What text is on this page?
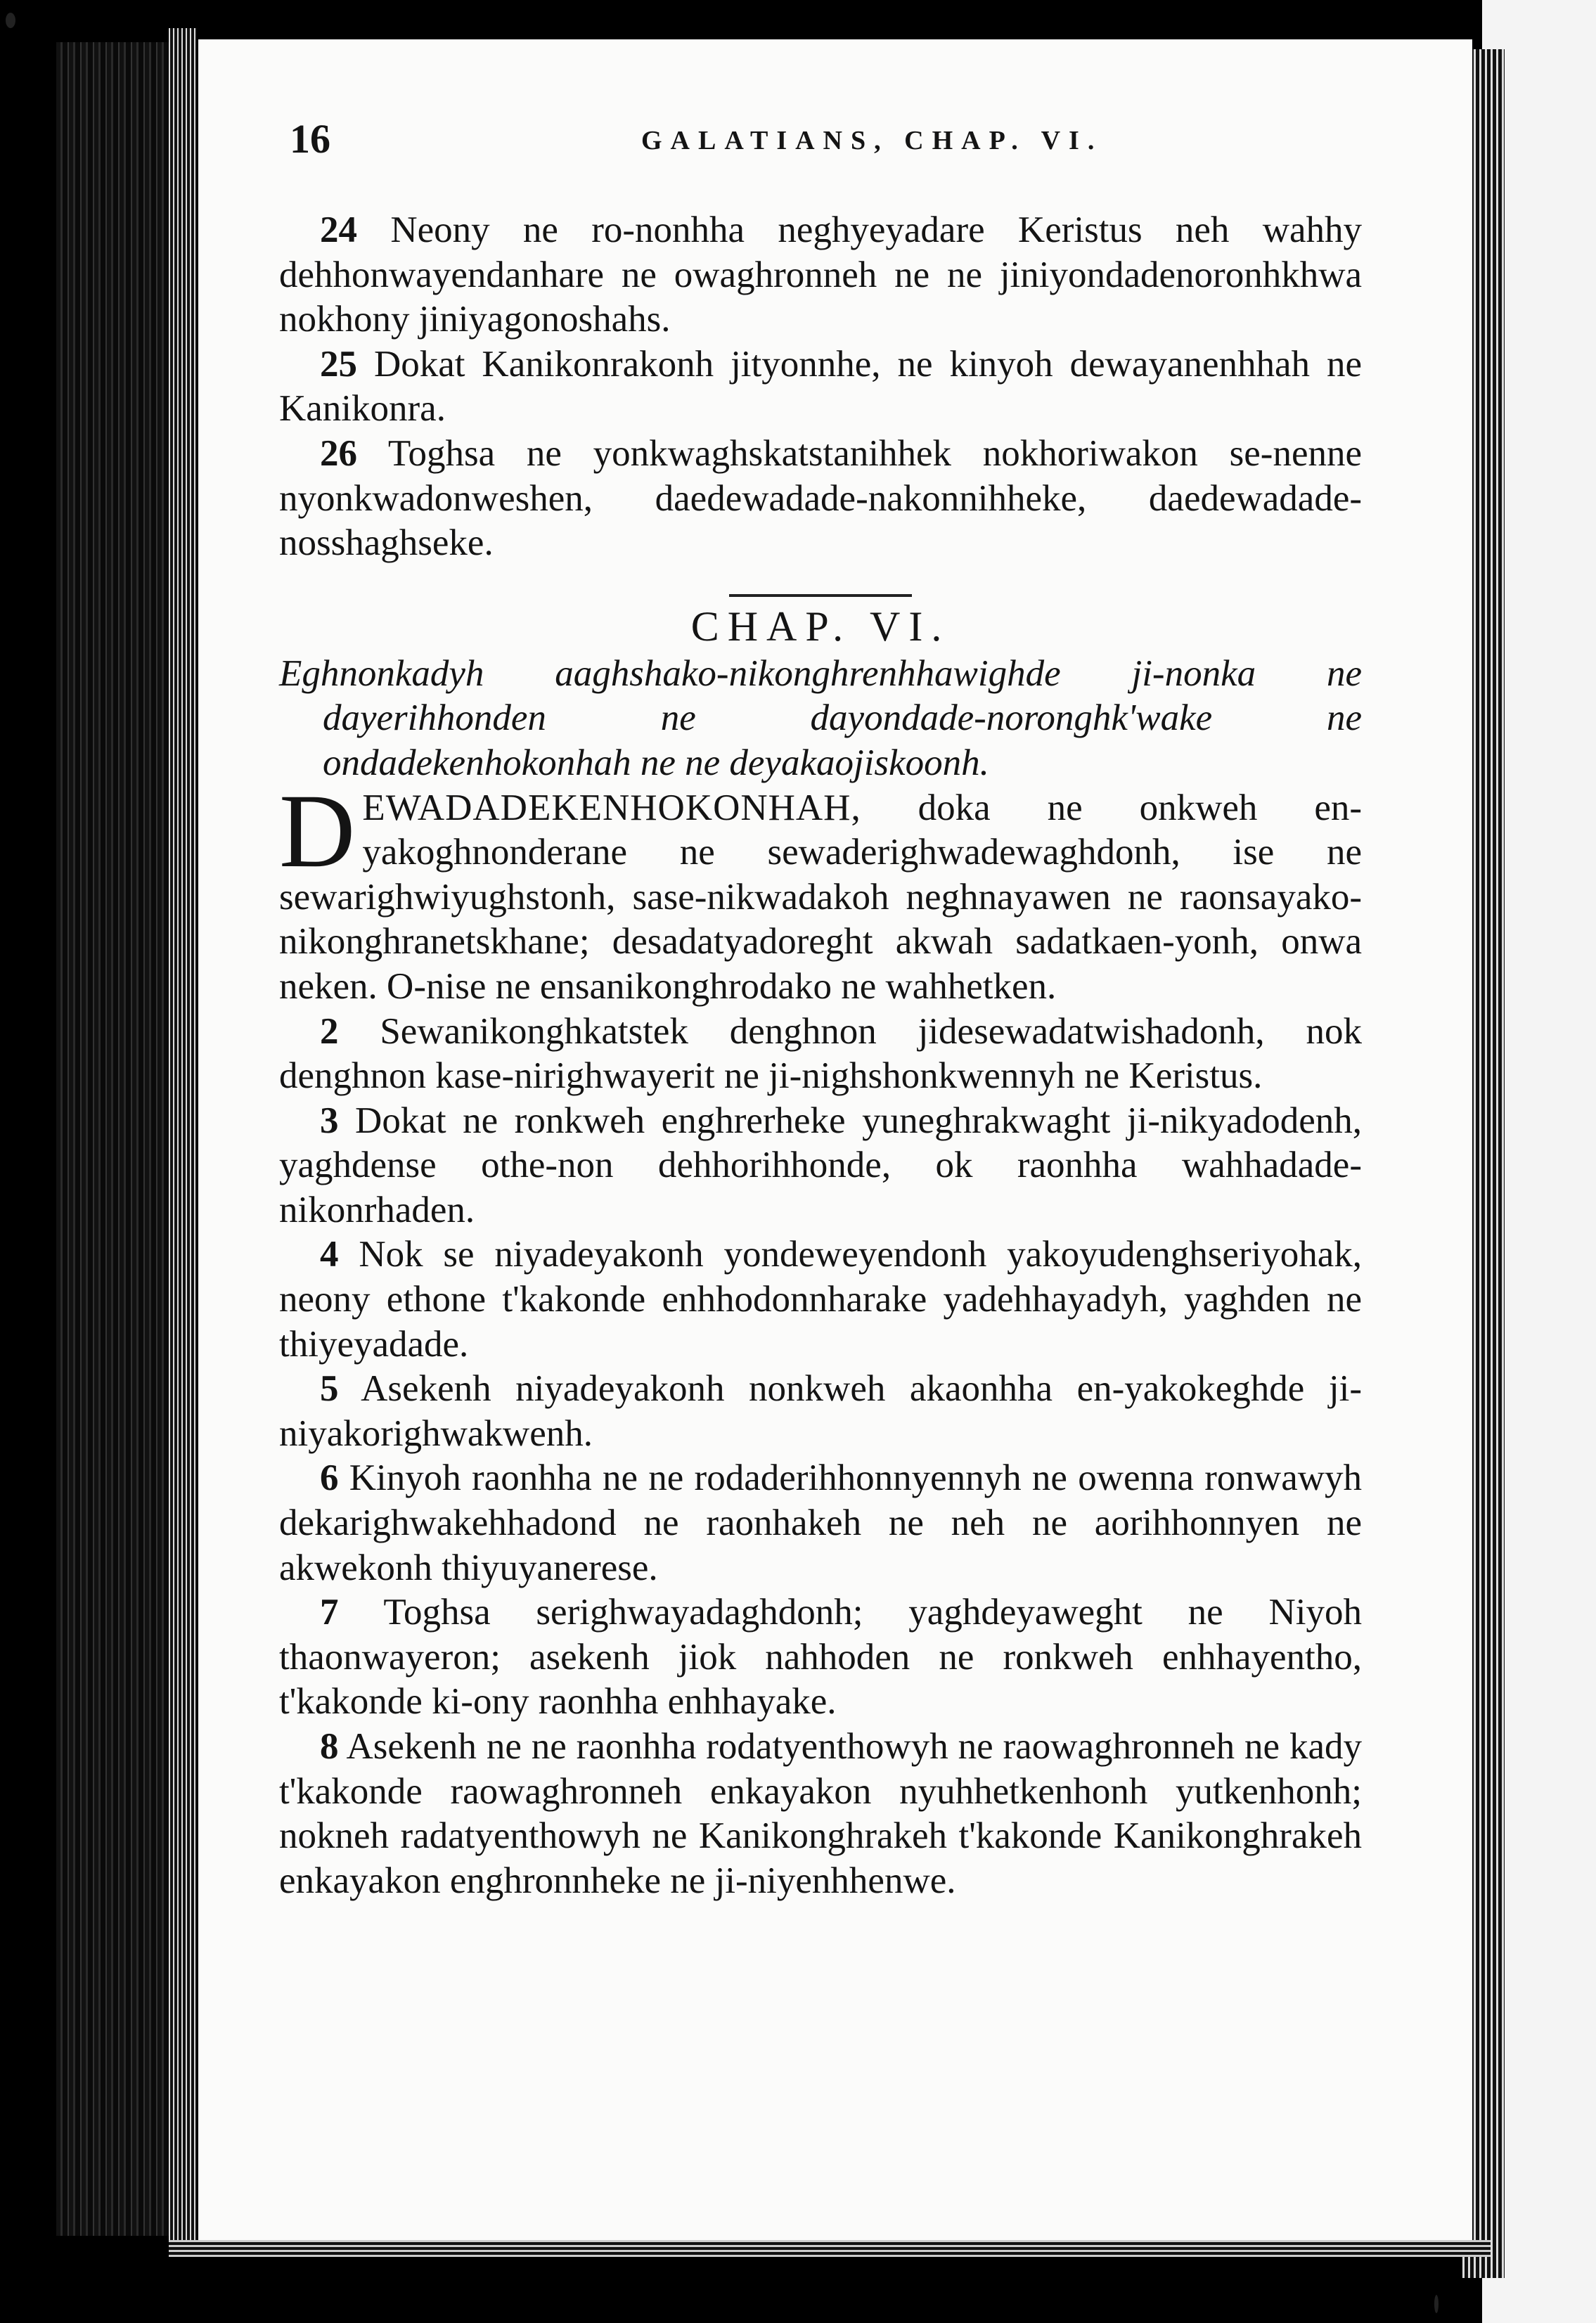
16	GALATIANS, CHAP. VI.

24 Neony ne ro-nonhha neghyeyadare Keristus neh wahhy dehhonwayendanhare ne owaghronneh ne ne jiniyondadenoronhkhwa nokhony jiniyagonoshahs.

25 Dokat Kanikonrakonh jityonnhe, ne kinyoh dewayanenhhah ne Kanikonra.

26 Toghsa ne yonkwaghskatstanihhek nokhoriwakon se-nenne nyonkwadonweshen, daedewadade-nakonnihheke, daedewadade-nosshaghseke.

CHAP. VI.

Eghnonkadyh aaghshako-nikonghrenhhawighde ji-nonka ne dayerihhonden ne dayondade-noronghk'wake ne ondadekenhokonhah ne ne deyakaojiskoonh.

D EWADADEKENHOKONHAH, doka ne onkweh en-yakoghnonderane ne sewaderighwadewaghdonh, ise ne sewarighwiyughstonh, sase-nikwadakoh neghnayawen ne raonsayako-nikonghranetskhane; desadatyadoreght akwah sadatkaen-yonh, onwa neken. O-nise ne ensanikonghrodako ne wahhetken.

2 Sewanikonghkatstek denghnon jidesewadatwishadonh, nok denghnon kase-nirighwayerit ne ji-nighshonkwennyh ne Keristus.

3 Dokat ne ronkweh enghrerheke yuneghrakwaght ji-nikyadodenh, yaghdense othe-non dehhorihhonde, ok raonhha wahhadade-nikonrhaden.

4 Nok se niyadeyakonh yondeweyendonh yakoyudenghseriyohak, neony ethone t'kakonde enhhodonnharake yadehhayadyh, yaghden ne thiyeyadade.

5 Asekenh niyadeyakonh nonkweh akaonhha en-yakokeghde ji-niyakorighwakwenh.

6 Kinyoh raonhha ne ne rodaderihhonnyennyh ne owenna ronwawyh dekarighwakehhadond ne raonhakeh ne neh ne aorihhonnyen ne akwekonh thiyuyanerese.

7 Toghsa serighwayadaghdonh; yaghdeyaweght ne Niyoh thaonwayeron; asekenh jiok nahhoden ne ronkweh enhhayentho, t'kakonde ki-ony raonhha enhhayake.

8 Asekenh ne ne raonhha rodatyenthowyh ne raowaghronneh ne kady t'kakonde raowaghronneh enkayakon nyuhhetkenhonh yutkenhonh; nokneh radatyenthowyh ne Kanikonghrakeh t'kakonde Kanikonghrakeh enkayakon enghronnheke ne ji-niyenhhenwe.
